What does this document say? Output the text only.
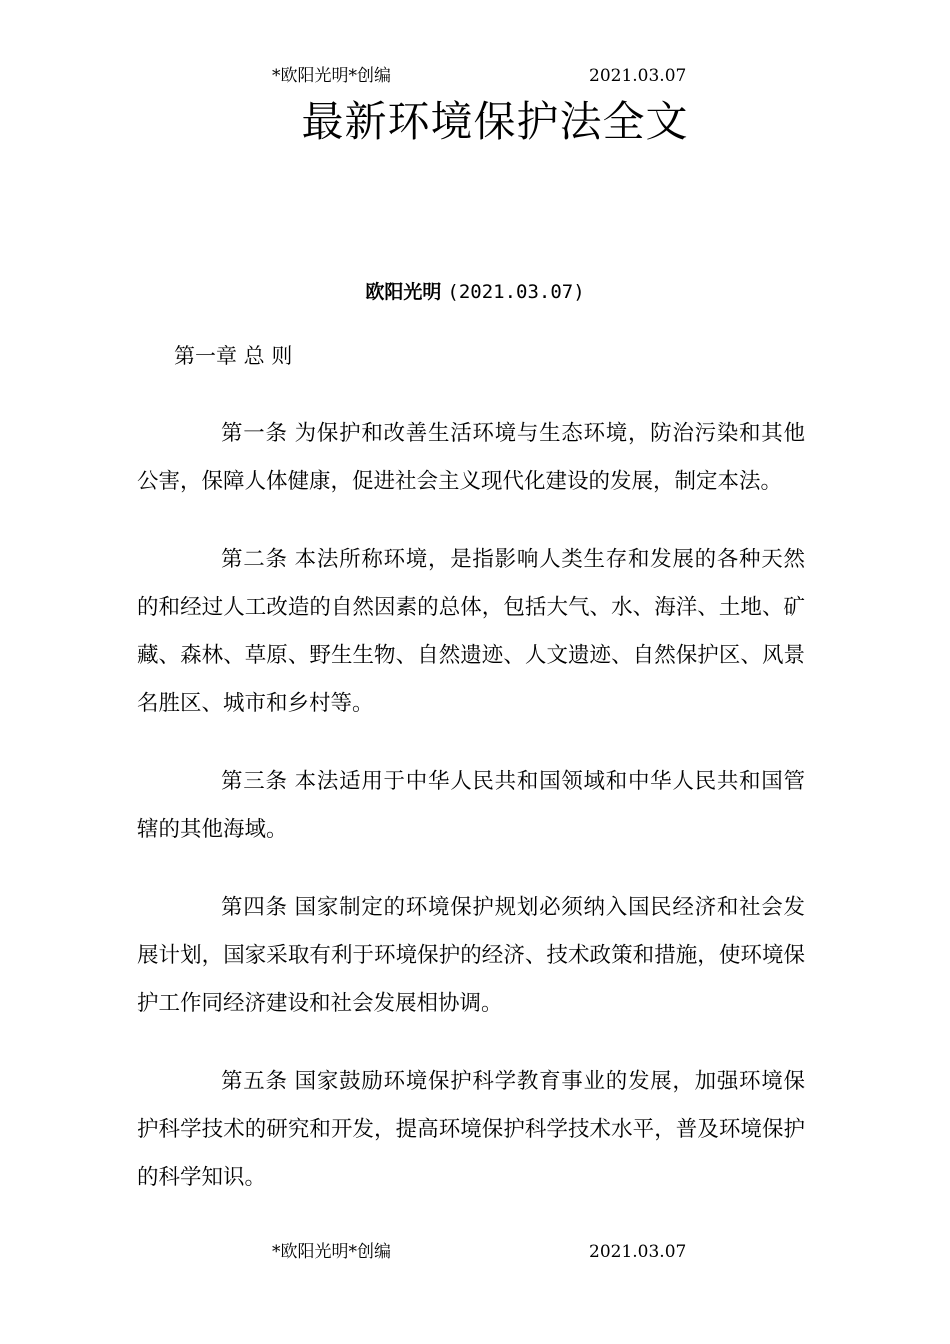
*欧阳光明*创编	2021.03.07
最新环境保护法全文
欧阳光明 (2021.03.07)
第一章 总 则

第一条 为保护和改善生活环境与生态环境，防治污染和其他公害，保障人体健康，促进社会主义现代化建设的发展，制定本法。

第二条 本法所称环境，是指影响人类生存和发展的各种天然的和经过人工改造的自然因素的总体，包括大气、水、海洋、土地、矿藏、森林、草原、野生生物、自然遗迹、人文遗迹、自然保护区、风景名胜区、城市和乡村等。

第三条 本法适用于中华人民共和国领域和中华人民共和国管辖的其他海域。

第四条 国家制定的环境保护规划必须纳入国民经济和社会发展计划，国家采取有利于环境保护的经济、技术政策和措施，使环境保护工作同经济建设和社会发展相协调。

第五条 国家鼓励环境保护科学教育事业的发展，加强环境保护科学技术的研究和开发，提高环境保护科学技术水平，普及环境保护的科学知识。

*欧阳光明*创编	2021.03.07
